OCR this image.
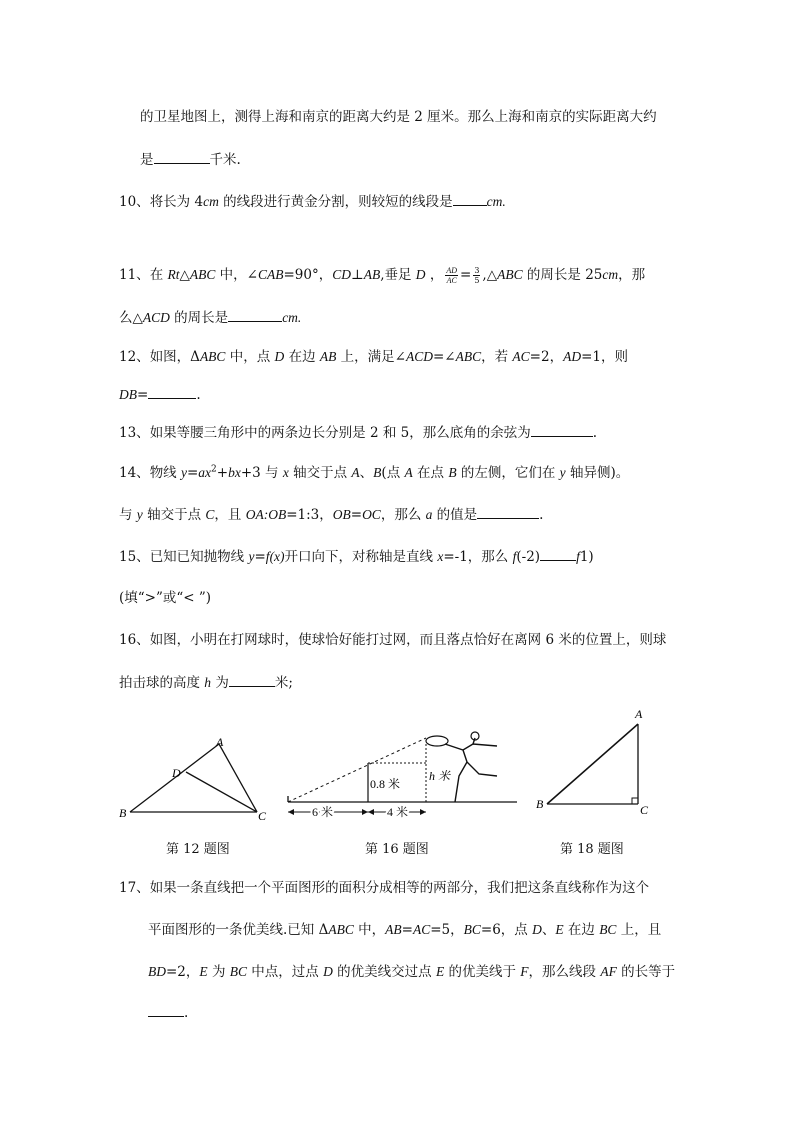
的卫星地图上，测得上海和南京的距离大约是 2 厘米。那么上海和南京的实际距离大约
是	千米.
10、将长为 4cm 的线段进行黄金分割，则较短的线段是	cm.
11、在 Rt△ABC 中，∠CAB=90°，CD⊥AB,垂足 D ， $\frac{AD}{AC} = \frac{3}{5}$ ,△ABC 的周长是 25cm，那
么△ACD 的周长是	cm.
12、如图，ΔABC 中，点 D 在边 AB 上，满足∠ACD=∠ABC，若 AC=2，AD=1，则
DB=	.
13、如果等腰三角形中的两条边长分别是 2 和 5，那么底角的余弦为	.
14、物线 $y=ax^2+bx+3$ 与 x 轴交于点 A、B(点 A 在点 B 的左侧，它们在 y 轴异侧)。
与 y 轴交于点 C，且 OA:OB=1:3，OB=OC，那么 a 的值是	.
15、已知已知抛物线 y=f(x)开口向下，对称轴是直线 x=-1，那么 f(-2)	f1)
(填“>”或“< ”)
16、如图，小明在打网球时，使球恰好能打过网，而且落点恰好在离网 6 米的位置上，则球
拍击球的高度 h 为	米;
A
B	C
D
第 12 题图
0.8 米
h 米
6 米	4 米
第 16 题图
A
B	C
第 18 题图
17、如果一条直线把一个平面图形的面积分成相等的两部分，我们把这条直线称作为这个
平面图形的一条优美线.已知 ΔABC 中，AB=AC=5，BC=6，点 D、E 在边 BC 上，且
BD=2，E 为 BC 中点，过点 D 的优美线交过点 E 的优美线于 F，那么线段 AF 的长等于
.
